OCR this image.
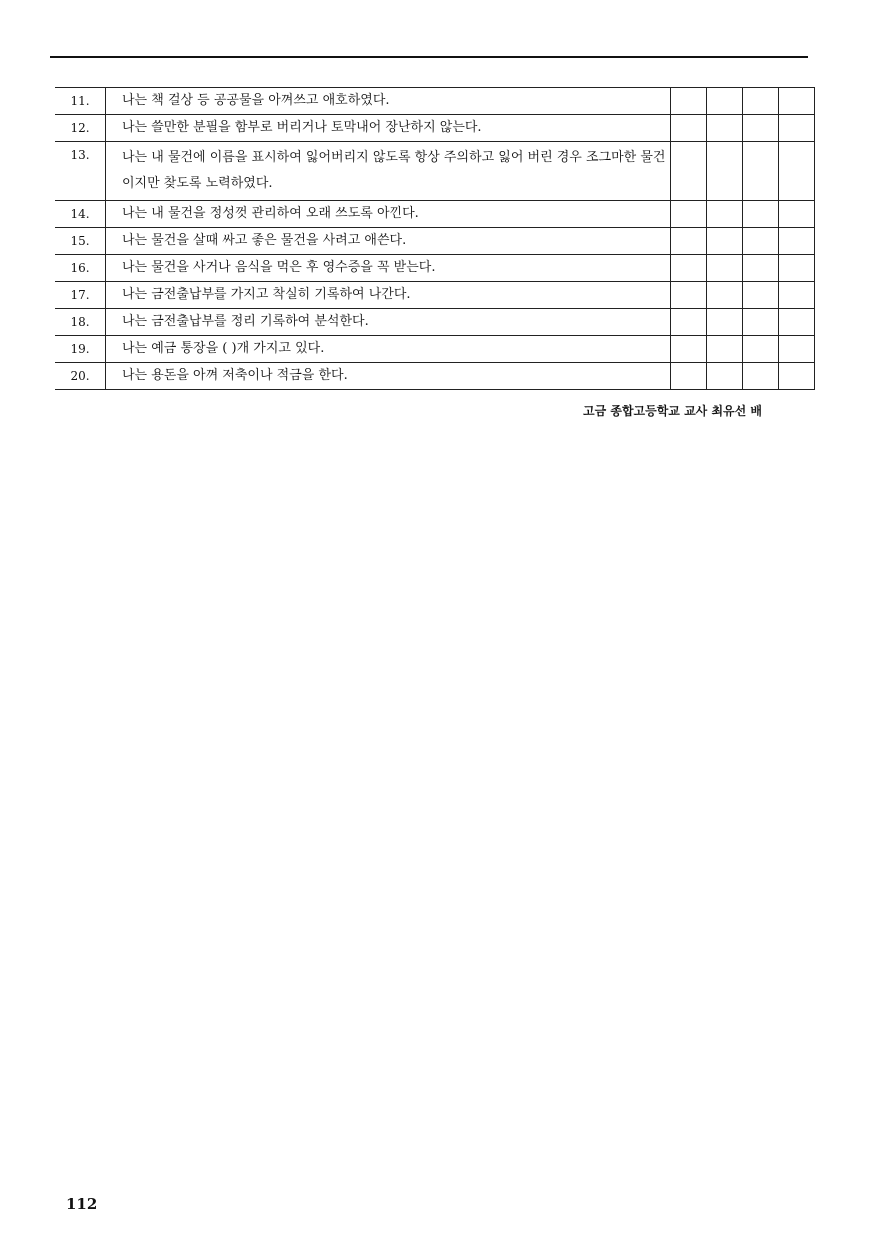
11.	나는 책 걸상 등 공공물을 아껴쓰고 애호하였다.				
12.	나는 쓸만한 분필을 함부로 버리거나 토막내어 장난하지 않는다.				
13.	나는 내 물건에 이름을 표시하여 잃어버리지 않도록 항상 주의하고 잃어 버린 경우 조그마한 물건이지만 찾도록 노력하였다.				
14.	나는 내 물건을 정성껏 관리하여 오래 쓰도록 아낀다.				
15.	나는 물건을 살때 싸고 좋은 물건을 사려고 애쓴다.				
16.	나는 물건을 사거나 음식을 먹은 후 영수증을 꼭 받는다.				
17.	나는 금전출납부를 가지고 착실히 기록하여 나간다.				
18.	나는 금전출납부를 정리 기록하여 분석한다.				
19.	나는 예금 통장을 ( )개 가지고 있다.				
20.	나는 용돈을 아껴 저축이나 적금을 한다.				
고금 종합고등학교 교사 최유선 배
112
